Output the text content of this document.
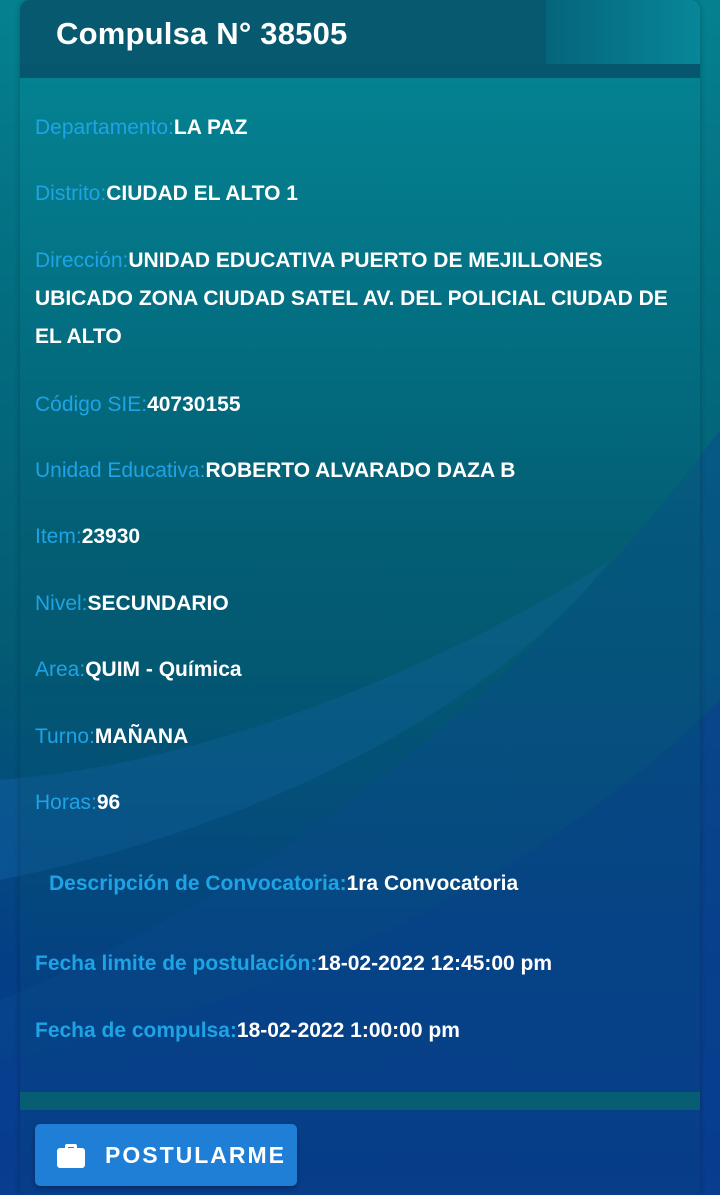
Compulsa N° 38505
Departamento:LA PAZ
Distrito:CIUDAD EL ALTO 1
Dirección:UNIDAD EDUCATIVA PUERTO DE MEJILLONES UBICADO ZONA CIUDAD SATEL AV. DEL POLICIAL CIUDAD DE EL ALTO
Código SIE:40730155
Unidad Educativa:ROBERTO ALVARADO DAZA B
Item:23930
Nivel:SECUNDARIO
Area:QUIM - Química
Turno:MAÑANA
Horas:96
Descripción de Convocatoria:1ra Convocatoria
Fecha limite de postulación:18-02-2022 12:45:00 pm
Fecha de compulsa:18-02-2022 1:00:00 pm
POSTULARME
